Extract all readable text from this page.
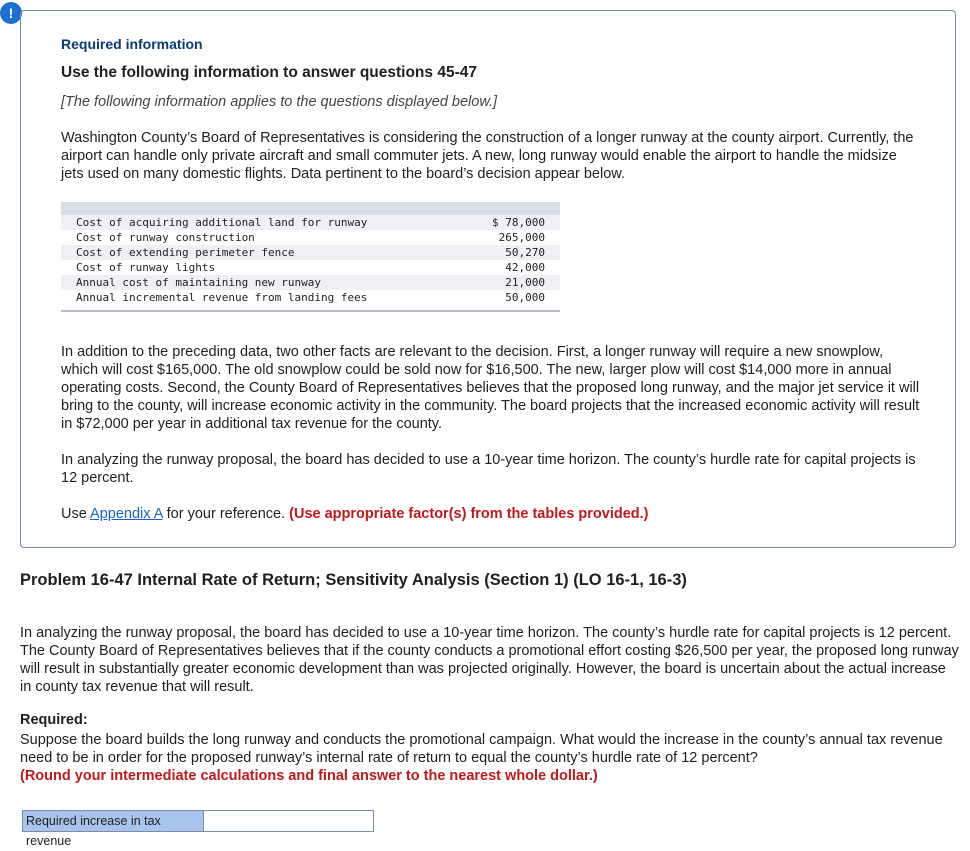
!
Required information
Use the following information to answer questions 45-47
[The following information applies to the questions displayed below.]

Washington County’s Board of Representatives is considering the construction of a longer runway at the county airport. Currently, the airport can handle only private aircraft and small commuter jets. A new, long runway would enable the airport to handle the midsize jets used on many domestic flights. Data pertinent to the board’s decision appear below.

Cost of acquiring additional land for runway	$ 78,000
Cost of runway construction	265,000
Cost of extending perimeter fence	50,270
Cost of runway lights	42,000
Annual cost of maintaining new runway	21,000
Annual incremental revenue from landing fees	50,000

In addition to the preceding data, two other facts are relevant to the decision. First, a longer runway will require a new snowplow, which will cost $165,000. The old snowplow could be sold now for $16,500. The new, larger plow will cost $14,000 more in annual operating costs. Second, the County Board of Representatives believes that the proposed long runway, and the major jet service it will bring to the county, will increase economic activity in the community. The board projects that the increased economic activity will result in $72,000 per year in additional tax revenue for the county.

In analyzing the runway proposal, the board has decided to use a 10-year time horizon. The county’s hurdle rate for capital projects is 12 percent.

Use Appendix A for your reference. (Use appropriate factor(s) from the tables provided.)

Problem 16-47 Internal Rate of Return; Sensitivity Analysis (Section 1) (LO 16-1, 16-3)

In analyzing the runway proposal, the board has decided to use a 10-year time horizon. The county’s hurdle rate for capital projects is 12 percent. The County Board of Representatives believes that if the county conducts a promotional effort costing $26,500 per year, the proposed long runway will result in substantially greater economic development than was projected originally. However, the board is uncertain about the actual increase in county tax revenue that will result.

Required:

Suppose the board builds the long runway and conducts the promotional campaign. What would the increase in the county’s annual tax revenue need to be in order for the proposed runway’s internal rate of return to equal the county’s hurdle rate of 12 percent?
(Round your intermediate calculations and final answer to the nearest whole dollar.)

Required increase in tax revenue
